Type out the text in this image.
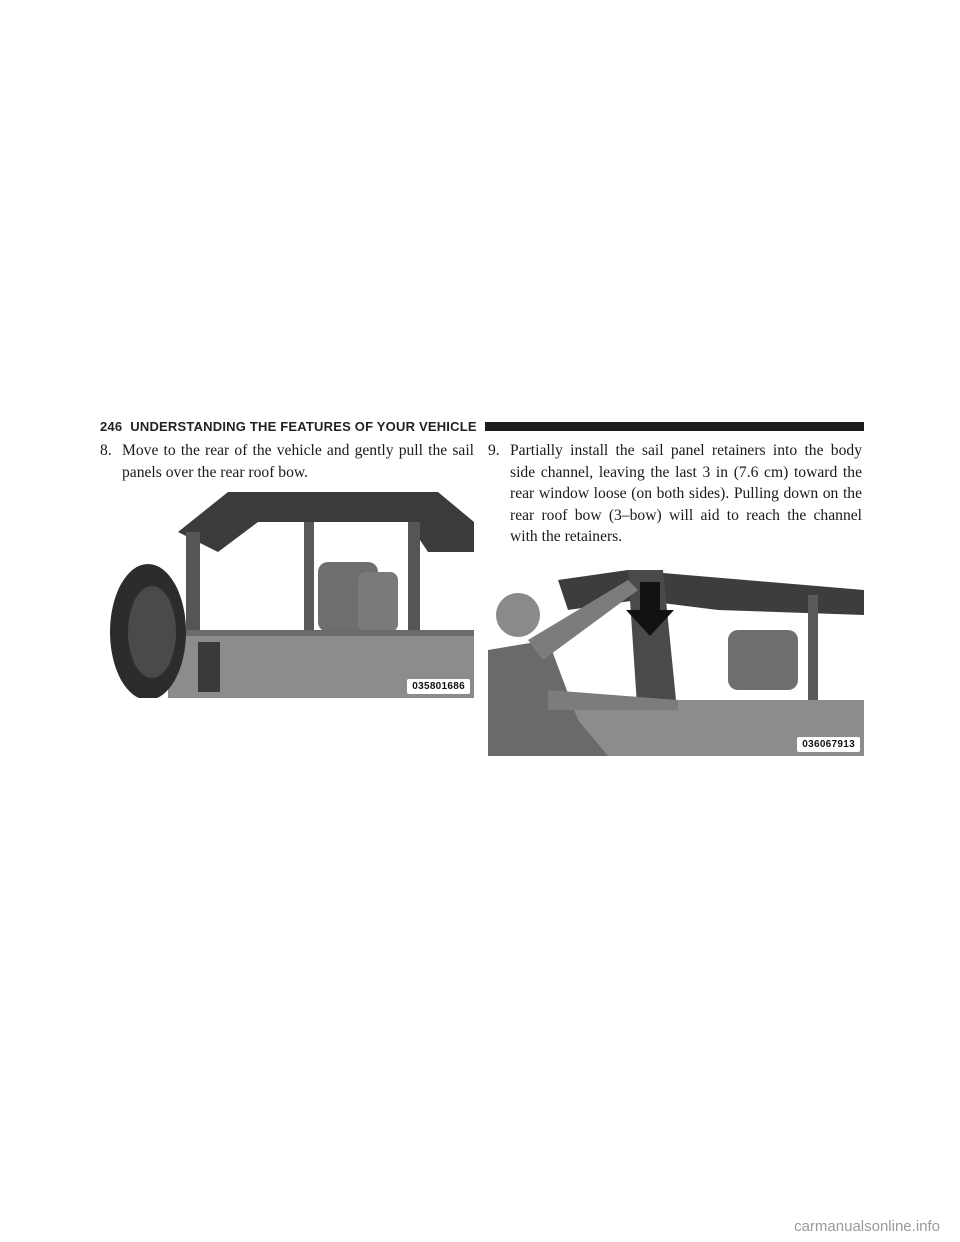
246 UNDERSTANDING THE FEATURES OF YOUR VEHICLE
8. Move to the rear of the vehicle and gently pull the sail panels over the rear roof bow.
9. Partially install the sail panel retainers into the body side channel, leaving the last 3 in (7.6 cm) toward the rear window loose (on both sides). Pulling down on the rear roof bow (3–bow) will aid to reach the channel with the retainers.
035801686
036067913
carmanualsonline.info
